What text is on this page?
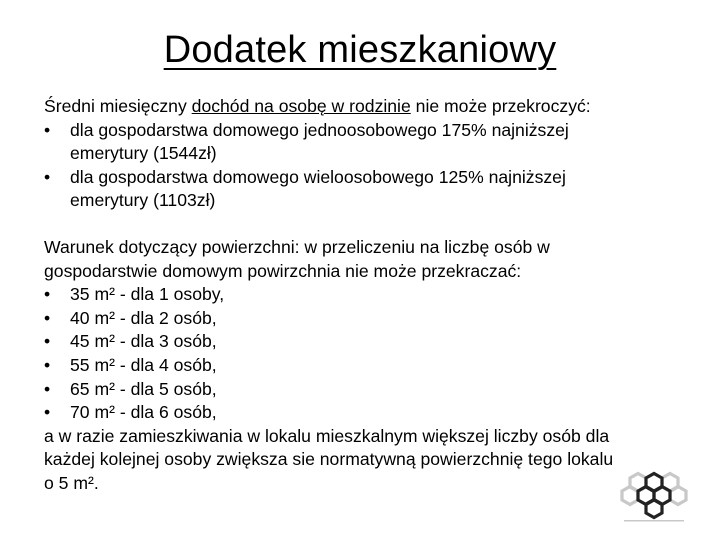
Dodatek mieszkaniowy
Średni miesięczny dochód na osobę w rodzinie nie może przekroczyć:
• dla gospodarstwa domowego jednoosobowego 175% najniższej
emerytury (1544zł)
• dla gospodarstwa domowego wieloosobowego 125% najniższej
emerytury (1103zł)
Warunek dotyczący powierzchni: w przeliczeniu na liczbę osób w
gospodarstwie domowym powirzchnia nie może przekraczać:
• 35 m² - dla 1 osoby,
• 40 m² - dla 2 osób,
• 45 m² - dla 3 osób,
• 55 m² - dla 4 osób,
• 65 m² - dla 5 osób,
• 70 m² - dla 6 osób,
a w razie zamieszkiwania w lokalu mieszkalnym większej liczby osób dla
każdej kolejnej osoby zwiększa sie normatywną powierzchnię tego lokalu
o 5 m².
